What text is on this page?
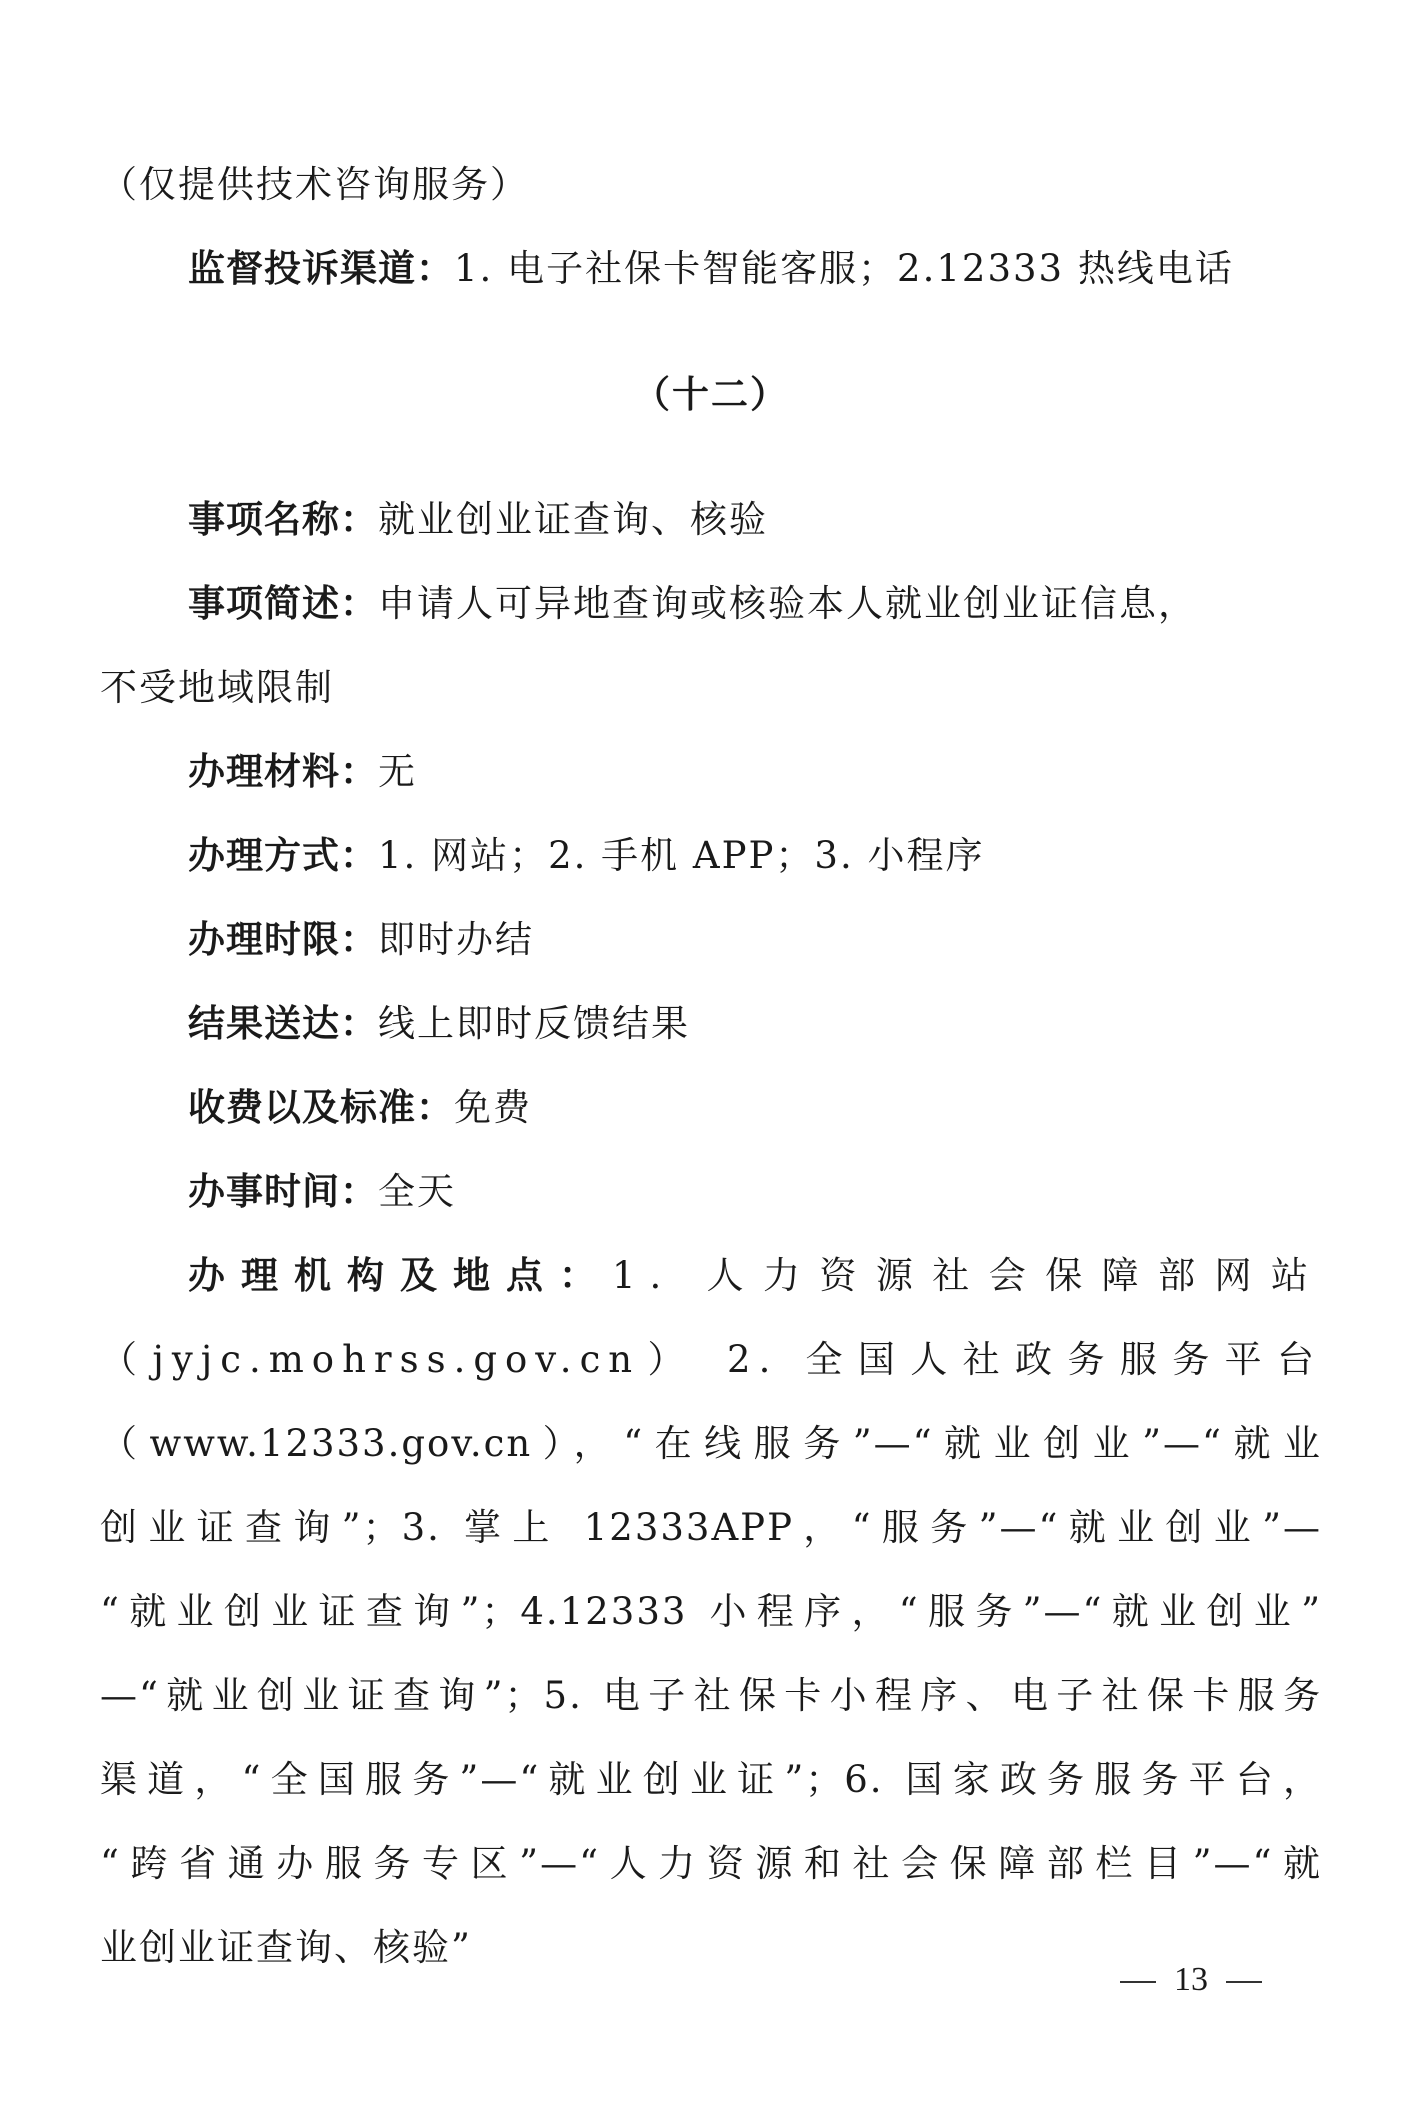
（仅提供技术咨询服务）
监督投诉渠道：1. 电子社保卡智能客服；2.12333 热线电话
（十二）
事项名称：就业创业证查询、核验
事项简述：申请人可异地查询或核验本人就业创业证信息，
不受地域限制
办理材料：无
办理方式：1. 网站；2. 手机 APP；3. 小程序
办理时限：即时办结
结果送达：线上即时反馈结果
收费以及标准：免费
办事时间：全天
办理机构及地点： 1. 人力资源社会保障部网站
（jyjc.mohrss.gov.cn） 2. 全国人社政务服务平台
（www.12333.gov.cn），“在线服务”—“就业创业”—“就业
创业证查询”；3. 掌上 12333APP，“服务”—“就业创业”—
“就业创业证查询”；4.12333 小程序，“服务”—“就业创业”
—“就业创业证查询”；5. 电子社保卡小程序、电子社保卡服务
渠道，“全国服务”—“就业创业证”；6. 国家政务服务平台，
“跨省通办服务专区”—“人力资源和社会保障部栏目”—“就
业创业证查询、核验”
13
